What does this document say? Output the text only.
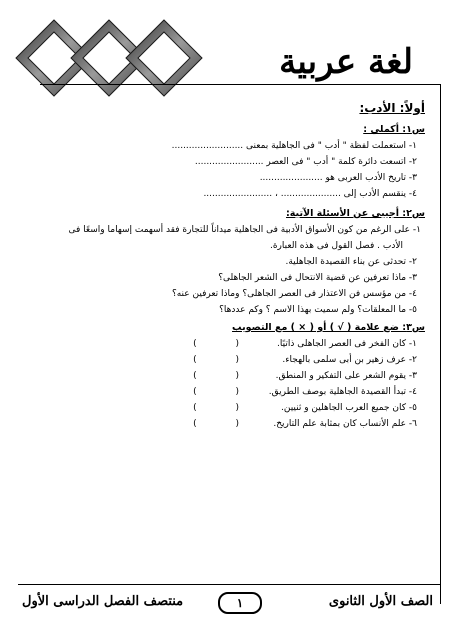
لغة عربية

أولاً: الأدب:

س١: أكملي :

١- استعملت لفظة " أدب " فى الجاهلية بمعنى .........................

٢- اتسعت دائرة كلمة " أدب " فى العصر ........................

٣- تاريخ الأدب العربى هو ......................

٤- ينقسم الأدب إلى ..................... ، ........................

س٢: أجيبي عن الأسئلة الآتية:

١- على الرغم من كون الأسواق الأدبية فى الجاهلية ميداناً للتجارة فقد أسهمت إسهاما واسعًا فى

الأدب . فصل القول فى هذه العبارة.

٢- تحدثى عن بناء القصيدة الجاهلية.

٣- ماذا تعرفين عن قضية الانتحال فى الشعر الجاهلى؟

٤- من مؤسس فن الاعتذار فى العصر الجاهلى؟ وماذا تعرفين عنه؟

٥- ما المعلقات؟ ولم سميت بهذا الاسم ؟ وكم عددها؟

س٣: ضع علامة ( √ ) أو ( × ) مع التصويب

١- كان الفخر فى العصر الجاهلى ذاتيًا.
( )
٢- عرف زهير بن أبى سلمى بالهجاء.
( )
٣- يقوم الشعر على التفكير و المنطق.
( )
٤- تبدأ القصيدة الجاهلية بوصف الطريق.
( )
٥- كان جميع العرب الجاهلين و ثنيين.
( )
٦- علم الأنساب كان بمثابة علم التاريخ.
( )
الصف الأول الثانوى
١
منتصف الفصل الدراسى الأول
